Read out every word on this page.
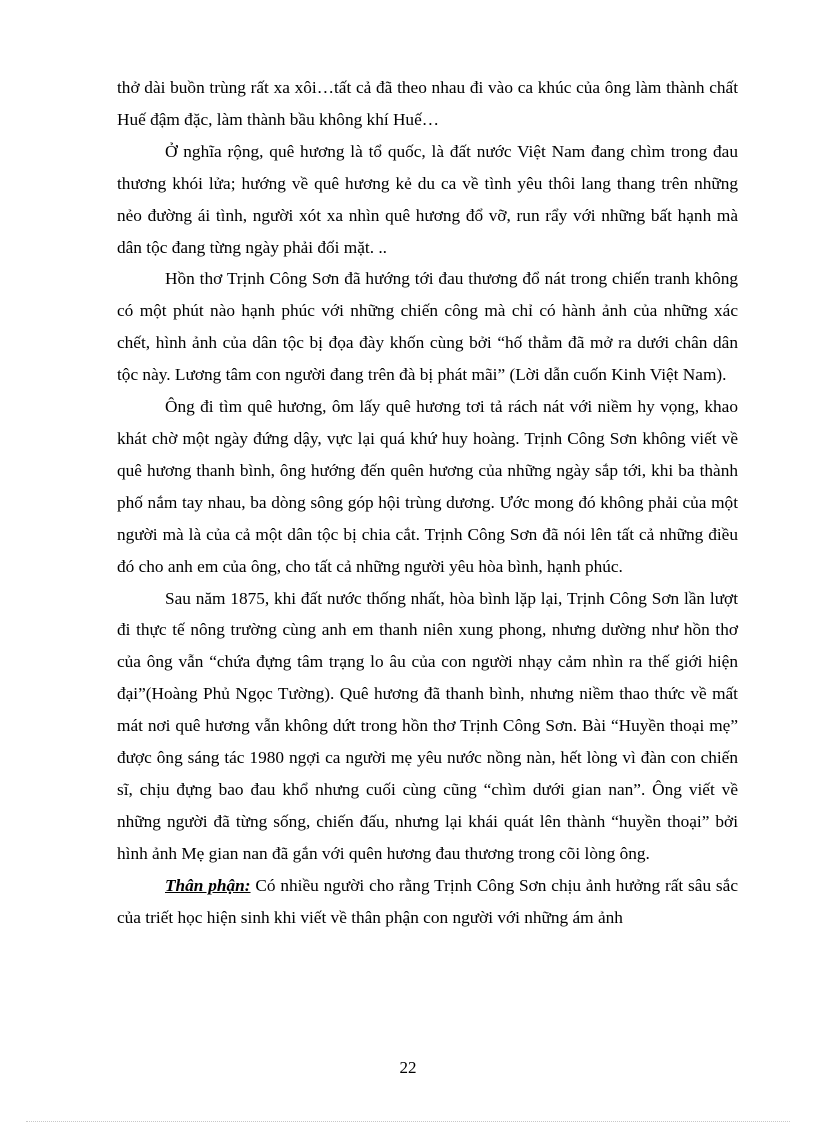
thở dài buồn trùng rất xa xôi…tất cả đã theo nhau đi vào ca khúc của ông làm thành chất Huế đậm đặc, làm thành bầu không khí Huế…

Ở nghĩa rộng, quê hương là tổ quốc, là đất nước Việt Nam đang chìm trong đau thương khói lửa; hướng về quê hương kẻ du ca về tình yêu thôi lang thang trên những nẻo đường ái tình, người xót xa nhìn quê hương đổ vỡ, run rẩy với những bất hạnh mà dân tộc đang từng ngày phải đối mặt. ..

Hồn thơ Trịnh Công Sơn đã hướng tới đau thương đổ nát trong chiến tranh không có một phút nào hạnh phúc với những chiến công mà chỉ có hành ảnh của những xác chết, hình ảnh của dân tộc bị đọa đày khốn cùng bởi “hố thẳm đã mở ra dưới chân dân tộc này. Lương tâm con người đang trên đà bị phát mãi” (Lời dẫn cuốn Kinh Việt Nam).

Ông đi tìm quê hương, ôm lấy quê hương tơi tả rách nát với niềm hy vọng, khao khát chờ một ngày đứng dậy, vực lại quá khứ huy hoàng. Trịnh Công Sơn không viết về quê hương thanh bình, ông hướng đến quên hương của những ngày sắp tới, khi ba thành phố nắm tay nhau, ba dòng sông góp hội trùng dương. Ước mong đó không phải của một người mà là của cả một dân tộc bị chia cắt. Trịnh Công Sơn đã nói lên tất cả những điều đó cho anh em của ông, cho tất cả những người yêu hòa bình, hạnh phúc.

Sau năm 1875, khi đất nước thống nhất, hòa bình lặp lại, Trịnh Công Sơn lần lượt đi thực tế nông trường cùng anh em thanh niên xung phong, nhưng dường như hồn thơ của ông vẫn “chứa đựng tâm trạng lo âu của con người nhạy cảm nhìn ra thế giới hiện đại”(Hoàng Phủ Ngọc Tường). Quê hương đã thanh bình, nhưng niềm thao thức về mất mát nơi quê hương vẫn không dứt trong hồn thơ Trịnh Công Sơn. Bài “Huyền thoại mẹ” được ông sáng tác 1980 ngợi ca người mẹ yêu nước nồng nàn, hết lòng vì đàn con chiến sĩ, chịu đựng bao đau khổ nhưng cuối cùng cũng “chìm dưới gian nan”. Ông viết về những người đã từng sống, chiến đấu, nhưng lại khái quát lên thành “huyền thoại” bởi hình ảnh Mẹ gian nan đã gắn với quên hương đau thương trong cõi lòng ông.

Thân phận: Có nhiều người cho rằng Trịnh Công Sơn chịu ảnh hưởng rất sâu sắc của triết học hiện sinh khi viết về thân phận con người với những ám ảnh

22
